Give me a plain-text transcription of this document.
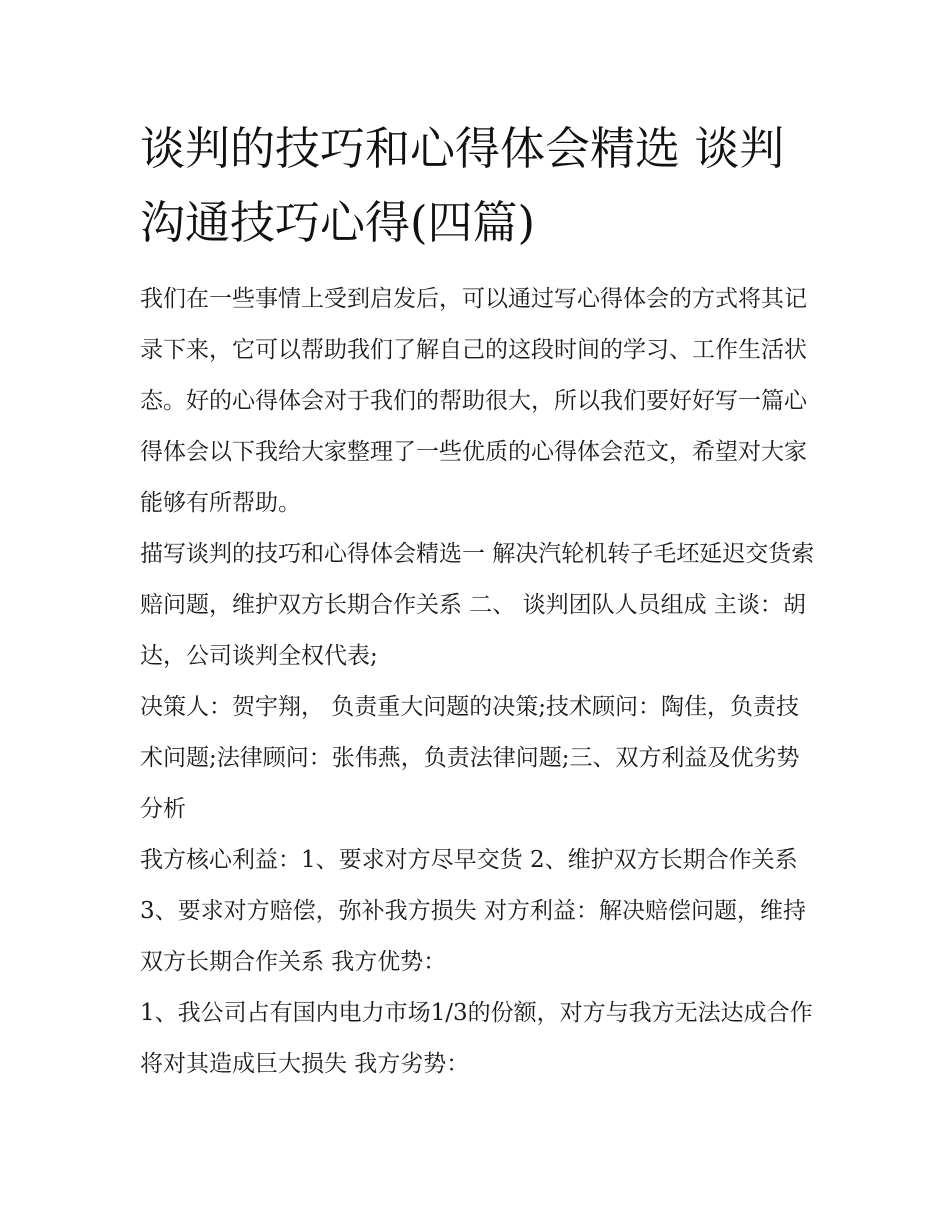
谈判的技巧和心得体会精选 谈判沟通技巧心得(四篇)

我们在一些事情上受到启发后，可以通过写心得体会的方式将其记录下来，它可以帮助我们了解自己的这段时间的学习、工作生活状态。好的心得体会对于我们的帮助很大，所以我们要好好写一篇心得体会以下我给大家整理了一些优质的心得体会范文，希望对大家能够有所帮助。

描写谈判的技巧和心得体会精选一 解决汽轮机转子毛坯延迟交货索赔问题，维护双方长期合作关系 二、 谈判团队人员组成 主谈：胡达，公司谈判全权代表;

决策人：贺宇翔， 负责重大问题的决策;技术顾问：陶佳，负责技术问题;法律顾问：张伟燕，负责法律问题;三、双方利益及优劣势分析

我方核心利益：1、要求对方尽早交货 2、维护双方长期合作关系 3、要求对方赔偿，弥补我方损失 对方利益：解决赔偿问题，维持双方长期合作关系 我方优势：

1、我公司占有国内电力市场1/3的份额，对方与我方无法达成合作将对其造成巨大损失 我方劣势：
